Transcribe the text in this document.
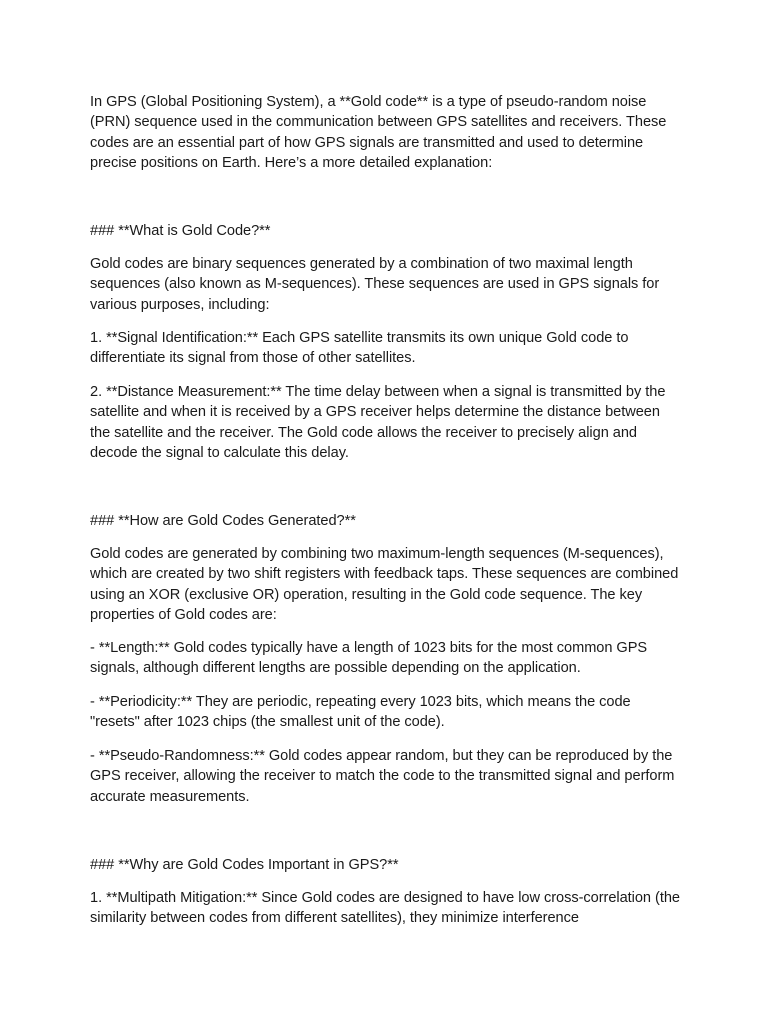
In GPS (Global Positioning System), a **Gold code** is a type of pseudo-random noise (PRN) sequence used in the communication between GPS satellites and receivers. These codes are an essential part of how GPS signals are transmitted and used to determine precise positions on Earth. Here’s a more detailed explanation:

### **What is Gold Code?**

Gold codes are binary sequences generated by a combination of two maximal length sequences (also known as M-sequences). These sequences are used in GPS signals for various purposes, including:

1. **Signal Identification:** Each GPS satellite transmits its own unique Gold code to differentiate its signal from those of other satellites.

2. **Distance Measurement:** The time delay between when a signal is transmitted by the satellite and when it is received by a GPS receiver helps determine the distance between the satellite and the receiver. The Gold code allows the receiver to precisely align and decode the signal to calculate this delay.

### **How are Gold Codes Generated?**

Gold codes are generated by combining two maximum-length sequences (M-sequences), which are created by two shift registers with feedback taps. These sequences are combined using an XOR (exclusive OR) operation, resulting in the Gold code sequence. The key properties of Gold codes are:

- **Length:** Gold codes typically have a length of 1023 bits for the most common GPS signals, although different lengths are possible depending on the application.

- **Periodicity:** They are periodic, repeating every 1023 bits, which means the code "resets" after 1023 chips (the smallest unit of the code).

- **Pseudo-Randomness:** Gold codes appear random, but they can be reproduced by the GPS receiver, allowing the receiver to match the code to the transmitted signal and perform accurate measurements.

### **Why are Gold Codes Important in GPS?**

1. **Multipath Mitigation:** Since Gold codes are designed to have low cross-correlation (the similarity between codes from different satellites), they minimize interference
